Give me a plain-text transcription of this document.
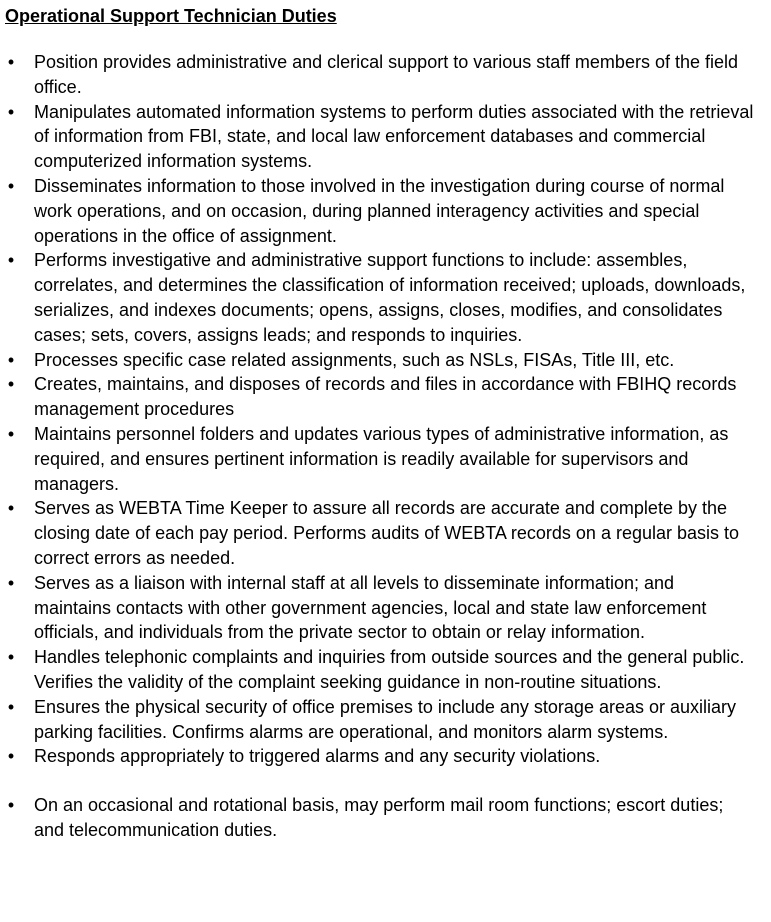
Operational Support Technician Duties
•
Position provides administrative and clerical support to various staff members of the field office.
•
Manipulates automated information systems to perform duties associated with the retrieval of information from FBI, state, and local law enforcement databases and commercial computerized information systems.
•
Disseminates information to those involved in the investigation during course of normal work operations, and on occasion, during planned interagency activities and special operations in the office of assignment.
•
Performs investigative and administrative support functions to include: assembles, correlates, and determines the classification of information received; uploads, downloads, serializes, and indexes documents; opens, assigns, closes, modifies, and consolidates cases; sets, covers, assigns leads; and responds to inquiries.
•
Processes specific case related assignments, such as NSLs, FISAs, Title III, etc.
•
Creates, maintains, and disposes of records and files in accordance with FBIHQ records management procedures
•
Maintains personnel folders and updates various types of administrative information, as required, and ensures pertinent information is readily available for supervisors and managers.
•
Serves as WEBTA Time Keeper to assure all records are accurate and complete by the closing date of each pay period. Performs audits of WEBTA records on a regular basis to correct errors as needed.
•
Serves as a liaison with internal staff at all levels to disseminate information; and maintains contacts with other government agencies, local and state law enforcement officials, and individuals from the private sector to obtain or relay information.
•
Handles telephonic complaints and inquiries from outside sources and the general public. Verifies the validity of the complaint seeking guidance in non-routine situations.
•
Ensures the physical security of office premises to include any storage areas or auxiliary parking facilities. Confirms alarms are operational, and monitors alarm systems.
•
Responds appropriately to triggered alarms and any security violations.
•
On an occasional and rotational basis, may perform mail room functions; escort duties; and telecommunication duties.
